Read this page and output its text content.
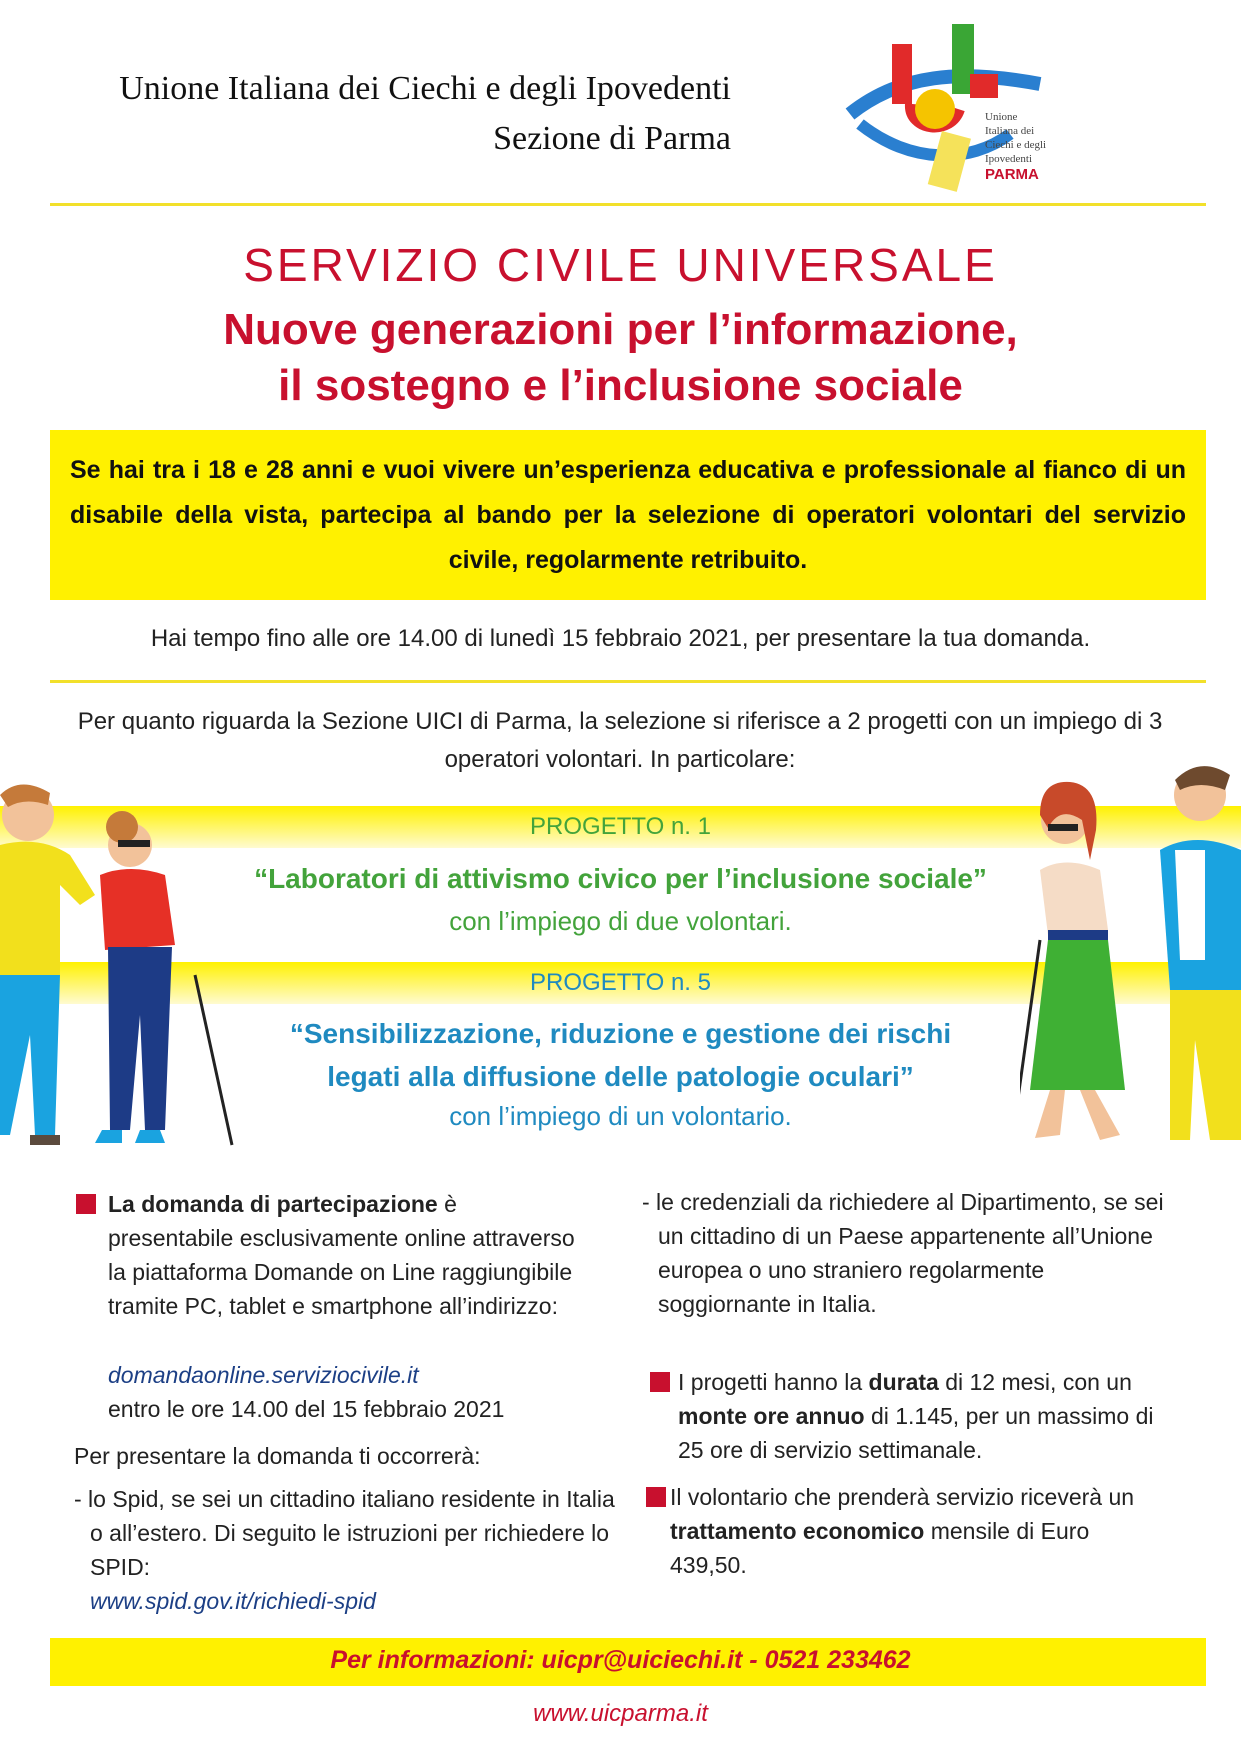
Unione Italiana dei Ciechi e degli Ipovedenti
Sezione di Parma
Unione
Italiana dei
Ciechi e degli
Ipovedenti
PARMA
SERVIZIO CIVILE UNIVERSALE
Nuove generazioni per l’informazione,
il sostegno e l’inclusione sociale
Se hai tra i 18 e 28 anni e vuoi vivere un’esperienza educativa e professionale al fianco di un disabile della vista, partecipa al bando per la selezione di operatori volontari del servizio civile, regolarmente retribuito.
Hai tempo fino alle ore 14.00 di lunedì 15 febbraio 2021, per presentare la tua domanda.
Per quanto riguarda la Sezione UICI di Parma, la selezione si riferisce a 2 progetti con un impiego di 3 operatori volontari. In particolare:
PROGETTO n. 1
“Laboratori di attivismo civico per l’inclusione sociale”
con l’impiego di due volontari.
PROGETTO n. 5
“Sensibilizzazione, riduzione e gestione dei rischi
legati alla diffusione delle patologie oculari”
con l’impiego di un volontario.
La domanda di partecipazione è presentabile esclusivamente online attraverso la piattaforma Domande on Line raggiungibile tramite PC, tablet e smartphone all’indirizzo:
domandaonline.serviziocivile.it
entro le ore 14.00 del 15 febbraio 2021
Per presentare la domanda ti occorrerà:
- lo Spid, se sei un cittadino italiano residente in Italia o all’estero. Di seguito le istruzioni per richiedere lo SPID:
www.spid.gov.it/richiedi-spid
- le credenziali da richiedere al Dipartimento, se sei un cittadino di un Paese appartenente all’Unione europea o uno straniero regolarmente soggiornante in Italia.
I progetti hanno la durata di 12 mesi, con un monte ore annuo di 1.145, per un massimo di 25 ore di servizio settimanale.
Il volontario che prenderà servizio riceverà un trattamento economico mensile di Euro 439,50.
Per informazioni: uicpr@uiciechi.it - 0521 233462
www.uicparma.it
